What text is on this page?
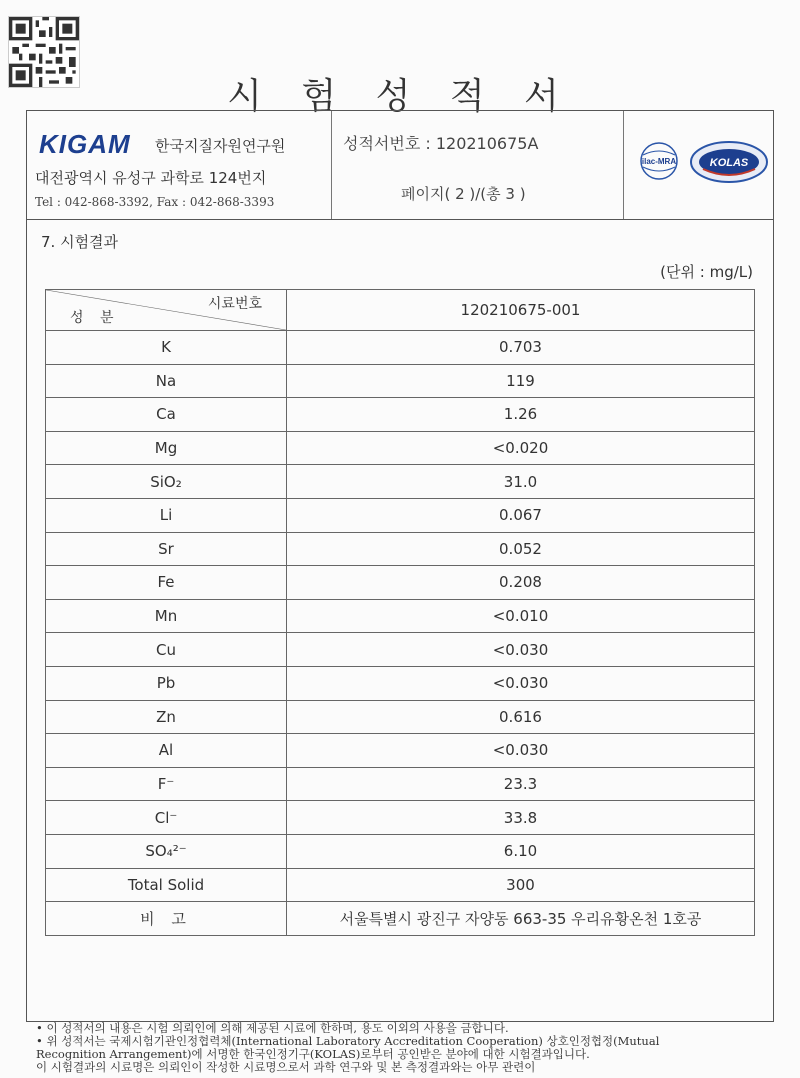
시 험 성 적 서
KIGAM 한국지질자원연구원
대전광역시 유성구 과학로 124번지
Tel : 042-868-3392, Fax : 042-868-3393
성적서번호 : 120210675A
페이지( 2 )/(총 3 )
ilac-MRA	KOLAS
7. 시험결과
(단위 : mg/L)
시료번호
성 분	120210675-001
K	0.703
Na	119
Ca	1.26
Mg	<0.020
SiO₂	31.0
Li	0.067
Sr	0.052
Fe	0.208
Mn	<0.010
Cu	<0.030
Pb	<0.030
Zn	0.616
Al	<0.030
F⁻	23.3
Cl⁻	33.8
SO₄²⁻	6.10
Total Solid	300
비 고	서울특별시 광진구 자양동 663-35 우리유황온천 1호공
• 이 성적서의 내용은 시험 의뢰인에 의해 제공된 시료에 한하며, 용도 이외의 사용을 금합니다.
• 위 성적서는 국제시험기관인정협력체(International Laboratory Accreditation Cooperation) 상호인정협정(Mutual
Recognition Arrangement)에 서명한 한국인정기구(KOLAS)로부터 공인받은 분야에 대한 시험결과입니다.
이 시험결과의 시료명은 의뢰인이 작성한 시료명으로서 과학 연구와 및 본 측정결과와는 아무 관련이
